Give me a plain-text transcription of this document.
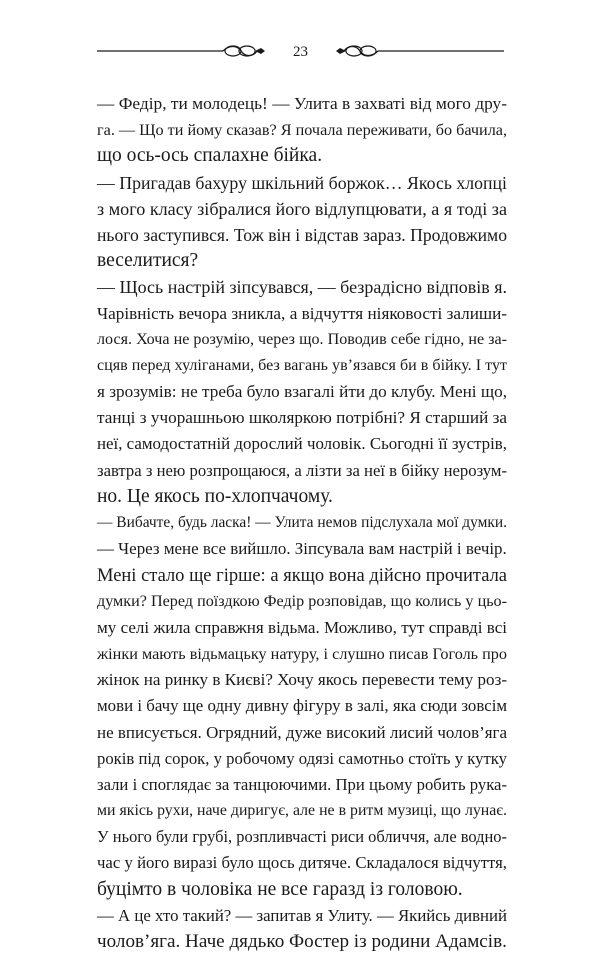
23
— Федір, ти молодець! — Улита в захваті від мого дру-
га. — Що ти йому сказав? Я почала переживати, бо бачила,
що ось-ось спалахне бійка.
— Пригадав бахуру шкільний боржок… Якось хлопці
з мого класу зібралися його відлупцювати, а я тоді за
нього заступився. Тож він і відстав зараз. Продовжимо
веселитися?
— Щось настрій зіпсувався, — безрадісно відповів я.
Чарівність вечора зникла, а відчуття ніяковості залиши-
лося. Хоча не розумію, через що. Поводив себе гідно, не за-
сцяв перед хуліганами, без вагань ув’язався би в бійку. І тут
я зрозумів: не треба було взагалі йти до клубу. Мені що,
танці з учорашньою школяркою потрібні? Я старший за
неї, самодостатній дорослий чоловік. Сьогодні її зустрів,
завтра з нею розпрощаюся, а лізти за неї в бійку нерозум-
но. Це якось по-хлопчачому.
— Вибачте, будь ласка! — Улита немов підслухала мої думки.
— Через мене все вийшло. Зіпсувала вам настрій і вечір.
Мені стало ще гірше: а якщо вона дійсно прочитала
думки? Перед поїздкою Федір розповідав, що колись у цьо-
му селі жила справжня відьма. Можливо, тут справді всі
жінки мають відьмацьку натуру, і слушно писав Гоголь про
жінок на ринку в Києві? Хочу якось перевести тему роз-
мови і бачу ще одну дивну фігуру в залі, яка сюди зовсім
не вписується. Огрядний, дуже високий лисий чолов’яга
років під сорок, у робочому одязі самотньо стоїть у кутку
зали і споглядає за танцюючими. При цьому робить рука-
ми якісь рухи, наче диригує, але не в ритм музиці, що лунає.
У нього були грубі, розпливчасті риси обличчя, але водно-
час у його виразі було щось дитяче. Складалося відчуття,
буцімто в чоловіка не все гаразд із головою.
— А це хто такий? — запитав я Улиту. — Якийсь дивний
чолов’яга. Наче дядько Фостер із родини Адамсів.
